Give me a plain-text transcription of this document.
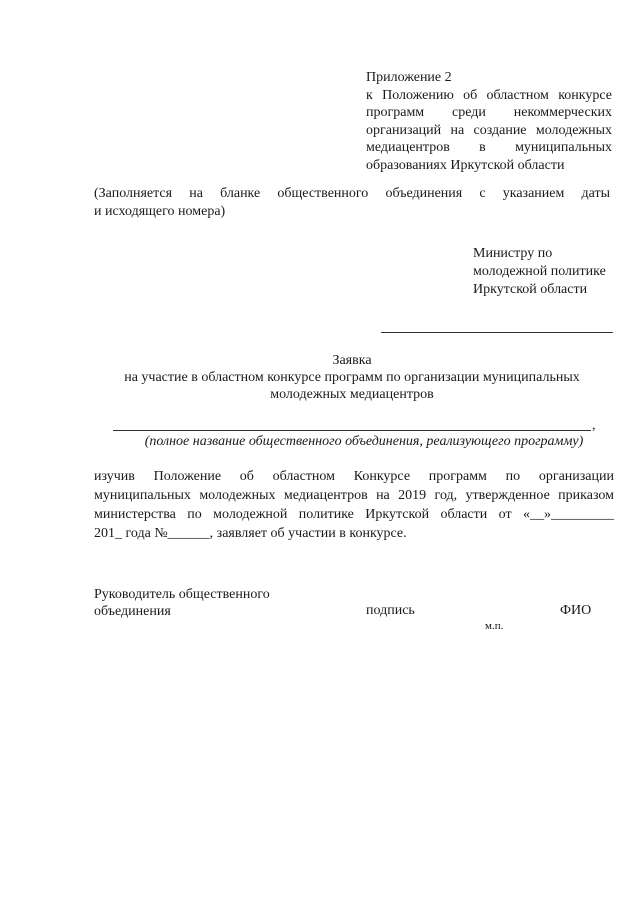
Приложение 2
к Положению об областном конкурсе
программ среди некоммерческих
организаций на создание молодежных
медиацентров в муниципальных
образованиях Иркутской области
(Заполняется на бланке общественного объединения с указанием даты
и исходящего номера)
Министру по
молодежной политике
Иркутской области
Заявка
на участие в областном конкурсе программ по организации муниципальных
молодежных медиацентров
,
(полное название общественного объединения, реализующего программу)
изучив Положение об областном Конкурсе программ по организации
муниципальных молодежных медиацентров на 2019 год, утвержденное приказом
министерства по молодежной политике Иркутской области от «__»_________
201_ года №______, заявляет об участии в конкурсе.
Руководитель общественного
объединения	подпись	ФИО
м.п.
